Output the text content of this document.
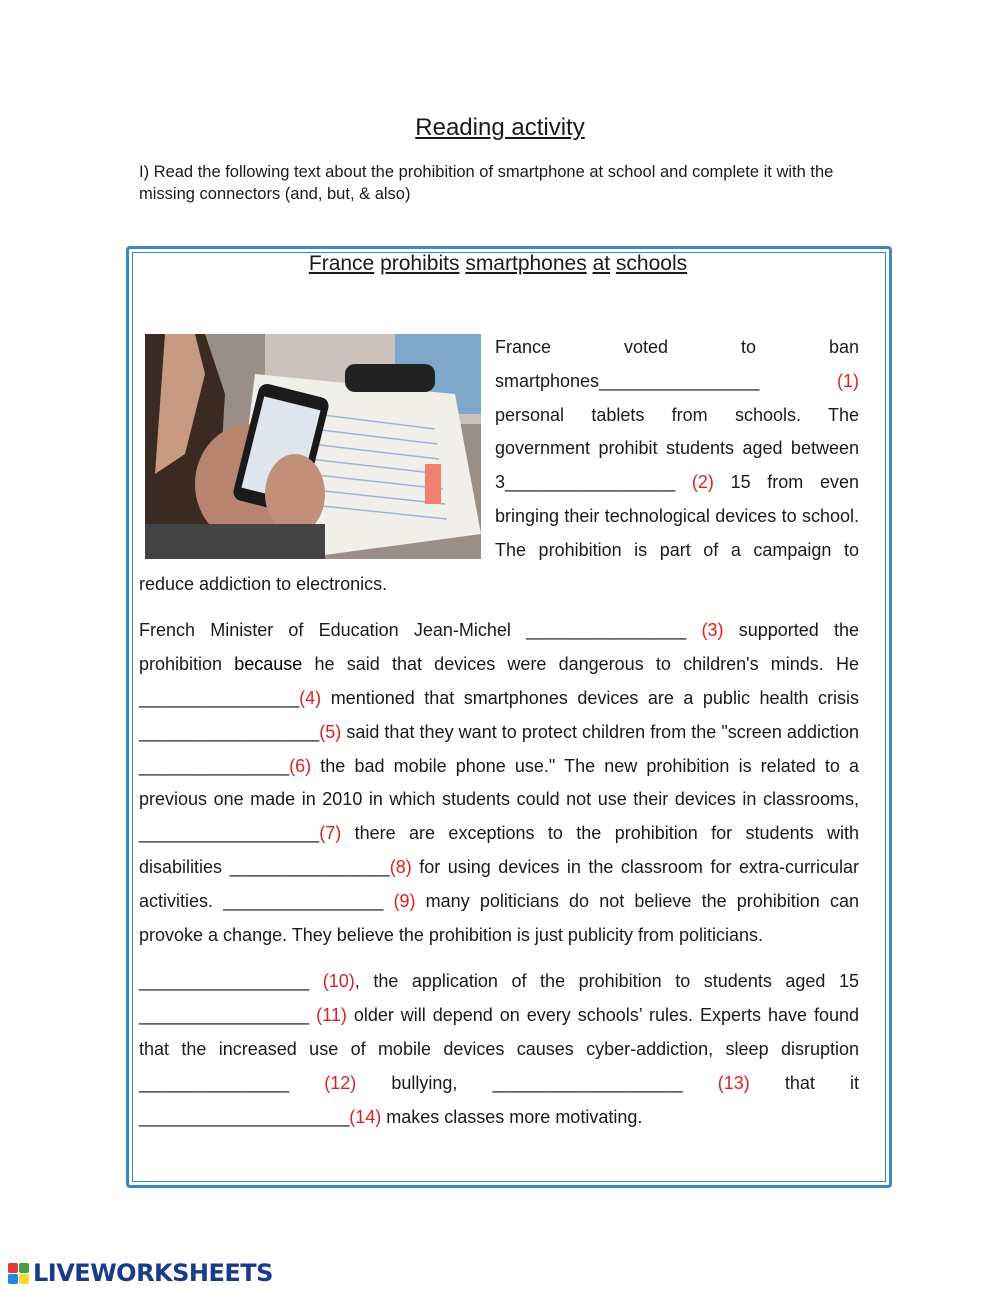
Reading activity

I) Read the following text about the prohibition of smartphone at school and complete it with the missing connectors (and, but, & also)

France prohibits smartphones at schools

France voted to ban smartphones________________	(1) personal tablets from schools. The government prohibit students aged between 3_________________ (2) 15 from even bringing their technological devices to school. The prohibition is part of a campaign to reduce addiction to electronics.

French Minister of Education Jean-Michel ________________ (3) supported the prohibition because he said that devices were dangerous to children's minds. He ________________(4) mentioned that smartphones devices are a public health crisis __________________(5) said that they want to protect children from the "screen addiction _______________(6) the bad mobile phone use." The new prohibition is related to a previous one made in 2010 in which students could not use their devices in classrooms, __________________(7) there are exceptions to the prohibition for students with disabilities ________________(8) for using devices in the classroom for extra-curricular activities. ________________ (9) many politicians do not believe the prohibition can provoke a change. They believe the prohibition is just publicity from politicians.

_________________ (10), the application of the prohibition to students aged 15 _________________ (11) older will depend on every schools’ rules. Experts have found that the increased use of mobile devices causes cyber-addiction, sleep disruption _______________ (12) bullying, ___________________ (13) that it _____________________(14) makes classes more motivating.

LIVEWORKSHEETS
